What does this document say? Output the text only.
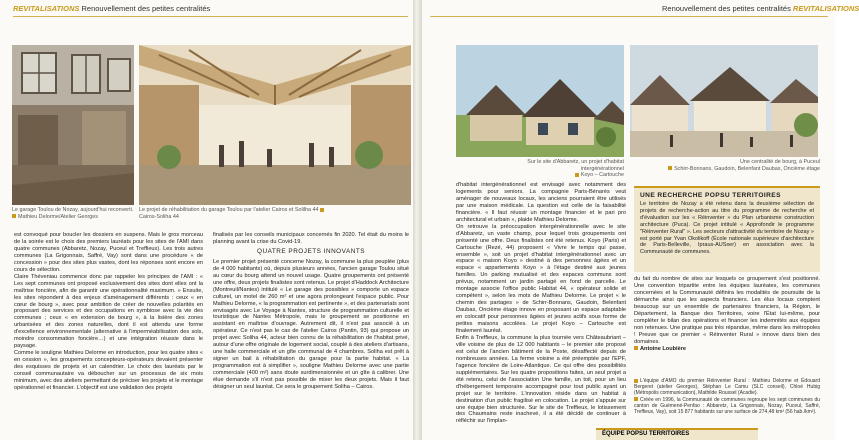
REVITALISATIONS Renouvellement des petites centralités
Le garage Toulou de Nozay, aujourd'hui reconverti.
Mathieu Delorme/Atelier Georges
Le projet de réhabilitation du garage Toulou par l'atelier Cairos et Solilha 44 Cairos-Soliha 44

est convoqué pour boucler les dossiers en suspens. Mais le gros morceau de la soirée est le choix des premiers lauréats pour les sites de l'AMI dans quatre communes (Abbaretz, Nozay, Puceul et Treffieux). Les trois autres communes (La Grigonnais, Saffré, Vay) sont dans une procédure « de concession » pour des sites plus vastes, dont les réponses sont encore en cours de sélection.

Claire Théveniau commence donc par rappeler les principes de l'AMI : « Les sept communes ont proposé exclusivement des sites dont elles ont la maîtrise foncière, afin de garantir une opérationnalité maximum. » Ensuite, les sites répondent à des enjeux d'aménagement différents : ceux « en cœur de bourg », avec pour ambition de créer de nouvelles polarités en proposant des services et des occupations en symbiose avec la vie des communes ; ceux « en extension de bourg », à la lisière des zones urbanisées et des zones naturelles, dont il est attendu une forme d'excellence environnementale (alternative à l'imperméabilisation des sols, moindre consommation foncière…) et une intégration réussie dans le paysage.

Comme le souligne Mathieu Delorme en introduction, pour les quatre sites « en cession », les groupements concepteurs-opérateurs devaient présenter des esquisses de projets et un calendrier. Le choix des lauréats par le conseil communautaire va déboucher sur un processus de six mois minimum, avec des ateliers permettant de préciser les projets et le montage opérationnel et financier. L'objectif est une validation des projets

finalisés par les conseils municipaux concernés fin 2020. Tel était du moins le planning avant la crise du Covid-19.

QUATRE PROJETS INNOVANTS

Le premier projet présenté concerne Nozay, la commune la plus peuplée (plus de 4 000 habitants) où, depuis plusieurs années, l'ancien garage Toulou situé au cœur du bourg attend un nouvel usage. Quatre groupements ont présenté une offre, deux projets finalistes sont retenus. Le projet d'Haddock Architecture (Montreuil/Nantes) intitulé « Le garage des possibles » comporte un espace culturel, un motel de 260 m² et une agora prolongeant l'espace public. Pour Mathieu Delorme, « la programmation est pertinente », et des partenariats sont envisagés avec Le Voyage à Nantes, structure de programmation culturelle et touristique de Nantes Métropole, mais le groupement se positionne en assistant en maîtrise d'ouvrage. Autrement dit, il n'est pas associé à un opérateur. Ce n'est pas le cas de l'atelier Cairos (Pantin, 93) qui propose un projet avec Soliha 44, acteur bien connu de la réhabilitation de l'habitat privé, autour d'une offre originale de logement social, couplé à des ateliers d'artisans, une halle commerciale et un gîte communal de 4 chambres. Soliha est prêt à signer un bail à réhabilitation du garage pour la partie habitat. « La programmation est à simplifier », souligne Mathieu Delorme avec une partie commerciale (400 m²) sans doute surdimensionnée et un gîte à calibrer. Une élue demande s'il n'est pas possible de mixer les deux projets. Mais il faut désigner un seul lauréat. Ce sera le groupement Soliha – Cairos.

Renouvellement des petites centralités REVITALISATIONS
Sur le site d'Abbaretz, un projet d'habitat intergénérationnel
Koyo – Cartouche
Une centralité de bourg, à Puceul
Schirr-Bonnans, Gaudoin, Belenfant Daubas, Oncième étage

d'habitat intergénérationnel est envisagé avec notamment des logements pour seniors. La compagnie Paris-Bénarès veut aménager de nouveaux locaux, les anciens pourraient être utilisés par une maison médicale. La question est celle de la faisabilité financière. « Il faut réussir un montage financier et le pari pro architectural et urbain », plaide Mathieu Delorme.

On retrouve la préoccupation intergénérationnelle avec le site d'Abbaretz, un vaste champ, pour lequel trois groupements ont présenté une offre. Deux finalistes ont été retenus. Koyo (Paris) et Cartouche (Rezé, 44) proposent « Vivre le temps qui passe, ensemble », soit un projet d'habitat intergénérationnel avec un espace « maison Koyo » destiné à des personnes âgées et un espace « appartements Koyo » à l'étage destiné aux jeunes familles. Un parking mutualisé et des espaces communs sont prévus, notamment un jardin partagé en fond de parcelle. Le montage associe l'office public Habitat 44, « opérateur solide et compétent », selon les mots de Mathieu Delorme. Le projet « le chemin des partages » de Schirr-Bonnans, Gaudoin, Belenfant Daubas, Oncième étage innove en proposant un espace adaptable en colocatif pour personnes âgées et jeunes actifs sous forme de petites maisons accolées. Le projet Koyo – Cartouche est finalement lauréat.

Enfin à Treffieux, la commune la plus tournée vers Châteaubriant – ville voisine de plus de 12 000 habitants – le premier site proposé est celui de l'ancien bâtiment de la Poste, désaffecté depuis de nombreuses années. La ferme voisine a été préemptée par l'EPF, l'agence foncière de Loire-Atlantique. Ce qui offre des possibilités supplémentaires. Sur les quatre propositions faites, un seul projet a été retenu, celui de l'association Une famille, un toit, pour un lieu d'hébergement temporaire accompagné pour tout public ayant un projet sur le territoire. L'innovation réside dans un habitat à destination d'un public fragilisé en colocation. Le projet s'appuie sur une équipe bien structurée. Sur le site de Treffieux, le lotissement des Chaumains reste inachevé, il a été décidé de continuer à réfléchir sur l'implan-

UNE RECHERCHE POPSU TERRITOIRES
Le territoire de Nozay a été retenu dans la deuxième sélection de projets de recherche-action au titre du programme de recherche et d'évaluation sur les « Réinventer » du Plan urbanisme construction architecture (Puca). Ce projet intitulé « Approfondir le programme "Réinventer Rural" ». Les secteurs d'attractivité du territoire de Nozay » est porté par Yvan Okolikoff (École nationale supérieure d'architecture de Paris-Belleville, Ipraus-AUSser) en association avec la Communauté de communes.

du fait du nombre de sites sur lesquels ce groupement s'est positionné. Une convention tripartite entre les équipes lauréates, les communes concernées et la Communauté définira les modalités de poursuite de la démarche ainsi que les aspects financiers. Les élus locaux comptent beaucoup sur un ensemble de partenaires financiers, la Région, le Département, la Banque des Territoires, voire l'État lui-même, pour compléter le bilan des opérations et financer les indemnités aux équipes non retenues. Une pratique pas très répandue, même dans les métropoles ! Preuve que ce premier « Réinventer Rural » innove dans bien des domaines.

Antoine Loubière

L'équipe d'AMO du premier Réinventer Rural : Mathieu Delorme et Édouard Bergeret (atelier Georges), Stéphan Le Camu (SLC conseil), Chloé Hubig (Métropolis communication), Mathilde Roussel (Acadie).
Créée en 1996, la Communauté de communes regroupe les sept communes du canton de Guémené-Penfao : Abbaretz, La Grigonnais, Nozay, Puceul, Saffré, Treffieux, Vay), soit 15 877 habitants sur une surface de 274,48 km² (56 hab./km²).
ÉQUIPE POPSU TERRITOIRES
